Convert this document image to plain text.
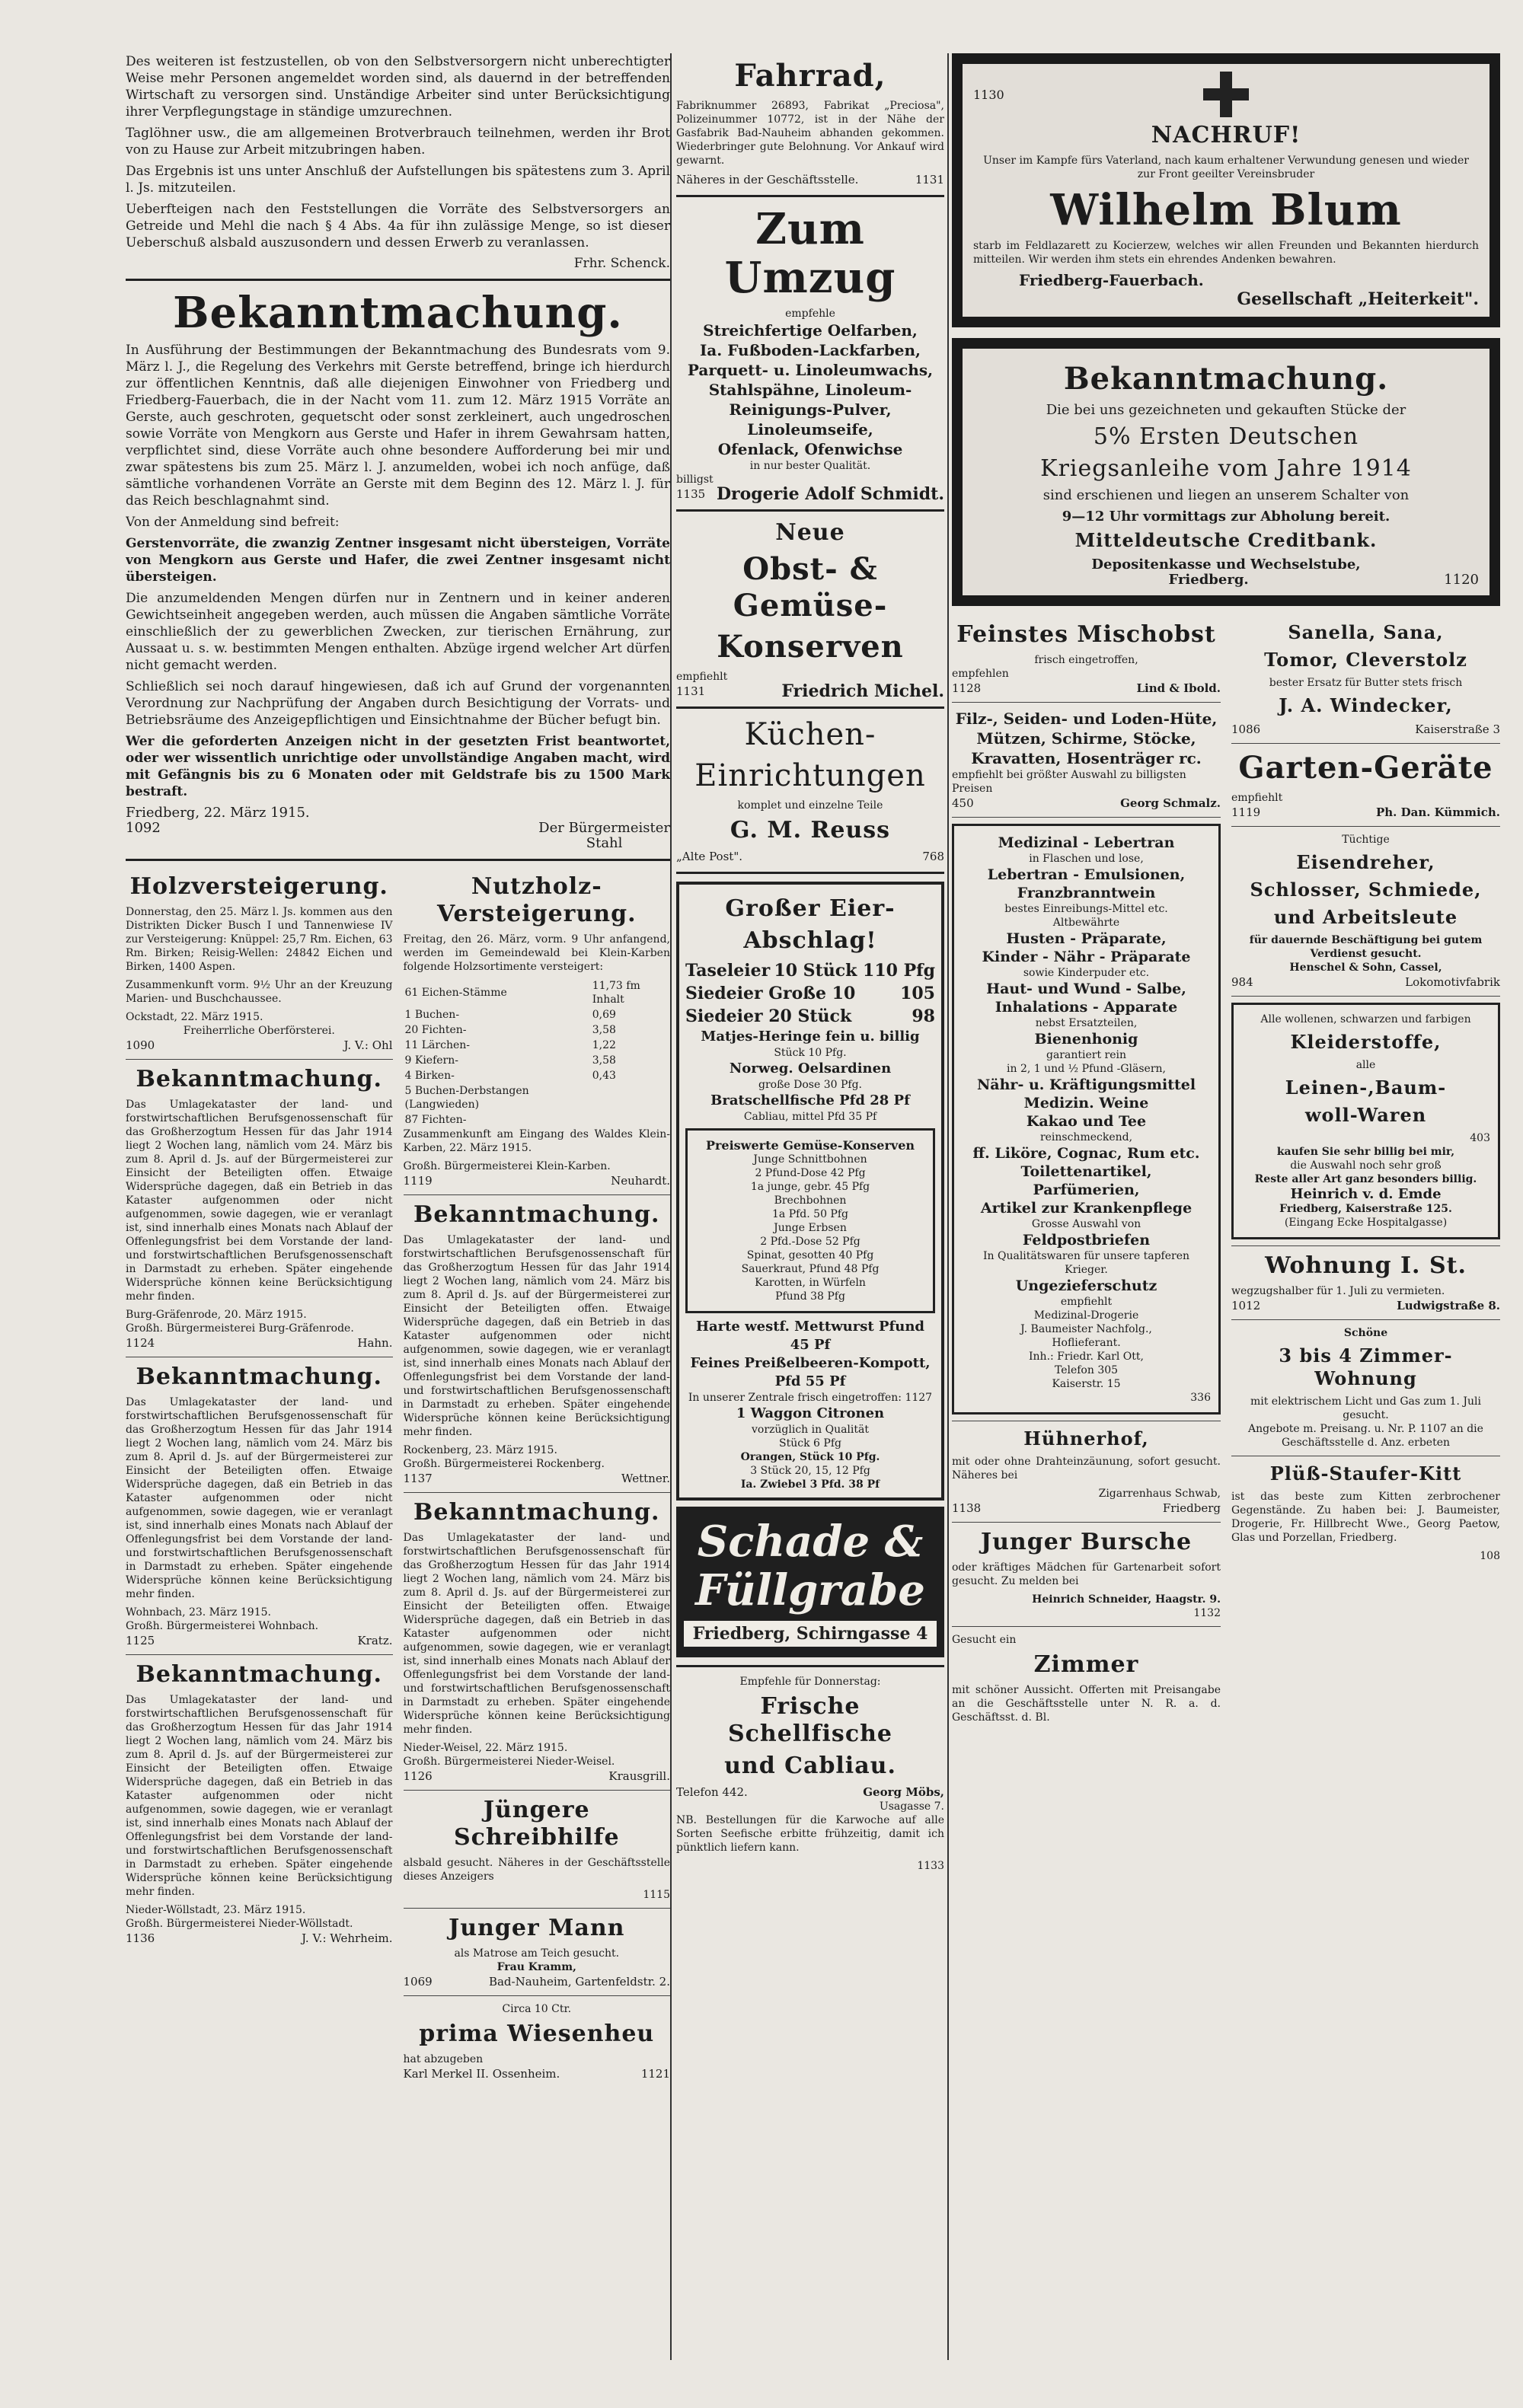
Des weiteren ist festzustellen, ob von den Selbstversorgern nicht unberechtigter Weise mehr Personen angemeldet worden sind, als dauernd in der betreffenden Wirtschaft zu versorgen sind. Unständige Arbeiter sind unter Berücksichtigung ihrer Verpflegungstage in ständige umzurechnen.

Taglöhner usw., die am allgemeinen Brotverbrauch teilnehmen, werden ihr Brot von zu Hause zur Arbeit mitzubringen haben.

Das Ergebnis ist uns unter Anschluß der Aufstellungen bis spätestens zum 3. April l. Js. mitzuteilen.

Ueberfteigen nach den Feststellungen die Vorräte des Selbstversorgers an Getreide und Mehl die nach § 4 Abs. 4a für ihn zulässige Menge, so ist dieser Ueberschuß alsbald auszusondern und dessen Erwerb zu veranlassen.

Frhr. Schenck.
Bekanntmachung.

In Ausführung der Bestimmungen der Bekanntmachung des Bundesrats vom 9. März l. J., die Regelung des Verkehrs mit Gerste betreffend, bringe ich hierdurch zur öffentlichen Kenntnis, daß alle diejenigen Einwohner von Friedberg und Friedberg-Fauerbach, die in der Nacht vom 11. zum 12. März 1915 Vorräte an Gerste, auch geschroten, gequetscht oder sonst zerkleinert, auch ungedroschen sowie Vorräte von Mengkorn aus Gerste und Hafer in ihrem Gewahrsam hatten, verpflichtet sind, diese Vorräte auch ohne besondere Aufforderung bei mir und zwar spätestens bis zum 25. März l. J. anzumelden, wobei ich noch anfüge, daß sämtliche vorhandenen Vorräte an Gerste mit dem Beginn des 12. März l. J. für das Reich beschlagnahmt sind.

Von der Anmeldung sind befreit:

Gerstenvorräte, die zwanzig Zentner insgesamt nicht übersteigen, Vorräte von Mengkorn aus Gerste und Hafer, die zwei Zentner insgesamt nicht übersteigen.

Die anzumeldenden Mengen dürfen nur in Zentnern und in keiner anderen Gewichtseinheit angegeben werden, auch müssen die Angaben sämtliche Vorräte einschließlich der zu gewerblichen Zwecken, zur tierischen Ernährung, zur Aussaat u. s. w. bestimmten Mengen enthalten. Abzüge irgend welcher Art dürfen nicht gemacht werden.

Schließlich sei noch darauf hingewiesen, daß ich auf Grund der vorgenannten Verordnung zur Nachprüfung der Angaben durch Besichtigung der Vorrats- und Betriebsräume des Anzeigepflichtigen und Einsichtnahme der Bücher befugt bin.

Wer die geforderten Anzeigen nicht in der gesetzten Frist beantwortet, oder wer wissentlich unrichtige oder unvollständige Angaben macht, wird mit Gefängnis bis zu 6 Monaten oder mit Geldstrafe bis zu 1500 Mark bestraft.

Friedberg, 22. März 1915.
1092	Der Bürgermeister
Stahl
Holzversteigerung.

Donnerstag, den 25. März l. Js. kommen aus den Distrikten Dicker Busch I und Tannenwiese IV zur Versteigerung: Knüppel: 25,7 Rm. Eichen, 63 Rm. Birken; Reisig-Wellen: 24842 Eichen und Birken, 1400 Aspen.

Zusammenkunft vorm. 9½ Uhr an der Kreuzung Marien- und Buschchaussee.

Ockstadt, 22. März 1915.
Freiherrliche Oberförsterei.
1090	J. V.: Ohl
Bekanntmachung.

Das Umlagekataster der land- und forstwirtschaftlichen Berufsgenossenschaft für das Großherzogtum Hessen für das Jahr 1914 liegt 2 Wochen lang, nämlich vom 24. März bis zum 8. April d. Js. auf der Bürgermeisterei zur Einsicht der Beteiligten offen. Etwaige Widersprüche dagegen, daß ein Betrieb in das Kataster aufgenommen oder nicht aufgenommen, sowie dagegen, wie er veranlagt ist, sind innerhalb eines Monats nach Ablauf der Offenlegungsfrist bei dem Vorstande der land- und forstwirtschaftlichen Berufsgenossenschaft in Darmstadt zu erheben. Später eingehende Widersprüche können keine Berücksichtigung mehr finden.

Burg-Gräfenrode, 20. März 1915.
Großh. Bürgermeisterei Burg-Gräfenrode.
1124	Hahn.
Bekanntmachung.

Das Umlagekataster der land- und forstwirtschaftlichen Berufsgenossenschaft für das Großherzogtum Hessen für das Jahr 1914 liegt 2 Wochen lang, nämlich vom 24. März bis zum 8. April d. Js. auf der Bürgermeisterei zur Einsicht der Beteiligten offen. Etwaige Widersprüche dagegen, daß ein Betrieb in das Kataster aufgenommen oder nicht aufgenommen, sowie dagegen, wie er veranlagt ist, sind innerhalb eines Monats nach Ablauf der Offenlegungsfrist bei dem Vorstande der land- und forstwirtschaftlichen Berufsgenossenschaft in Darmstadt zu erheben. Später eingehende Widersprüche können keine Berücksichtigung mehr finden.

Wohnbach, 23. März 1915.
Großh. Bürgermeisterei Wohnbach.
1125	Kratz.
Bekanntmachung.

Das Umlagekataster der land- und forstwirtschaftlichen Berufsgenossenschaft für das Großherzogtum Hessen für das Jahr 1914 liegt 2 Wochen lang, nämlich vom 24. März bis zum 8. April d. Js. auf der Bürgermeisterei zur Einsicht der Beteiligten offen. Etwaige Widersprüche dagegen, daß ein Betrieb in das Kataster aufgenommen oder nicht aufgenommen, sowie dagegen, wie er veranlagt ist, sind innerhalb eines Monats nach Ablauf der Offenlegungsfrist bei dem Vorstande der land- und forstwirtschaftlichen Berufsgenossenschaft in Darmstadt zu erheben. Später eingehende Widersprüche können keine Berücksichtigung mehr finden.

Nieder-Wöllstadt, 23. März 1915.
Großh. Bürgermeisterei Nieder-Wöllstadt.
1136	J. V.: Wehrheim.
Nutzholz-Versteigerung.

Freitag, den 26. März, vorm. 9 Uhr anfangend, werden im Gemeindewald bei Klein-Karben folgende Holzsortimente versteigert:

61 Eichen-Stämme	11,73 fm Inhalt
1 Buchen-	0,69
20 Fichten-	3,58
11 Lärchen-	1,22
9 Kiefern-	3,58
4 Birken-	0,43
5 Buchen-Derbstangen (Langwieden)	
87 Fichten-	

Zusammenkunft am Eingang des Waldes Klein-Karben, 22. März 1915.

Großh. Bürgermeisterei Klein-Karben.
1119	Neuhardt.
Bekanntmachung.

Das Umlagekataster der land- und forstwirtschaftlichen Berufsgenossenschaft für das Großherzogtum Hessen für das Jahr 1914 liegt 2 Wochen lang, nämlich vom 24. März bis zum 8. April d. Js. auf der Bürgermeisterei zur Einsicht der Beteiligten offen. Etwaige Widersprüche dagegen, daß ein Betrieb in das Kataster aufgenommen oder nicht aufgenommen, sowie dagegen, wie er veranlagt ist, sind innerhalb eines Monats nach Ablauf der Offenlegungsfrist bei dem Vorstande der land- und forstwirtschaftlichen Berufsgenossenschaft in Darmstadt zu erheben. Später eingehende Widersprüche können keine Berücksichtigung mehr finden.

Rockenberg, 23. März 1915.
Großh. Bürgermeisterei Rockenberg.
1137	Wettner.
Bekanntmachung.

Das Umlagekataster der land- und forstwirtschaftlichen Berufsgenossenschaft für das Großherzogtum Hessen für das Jahr 1914 liegt 2 Wochen lang, nämlich vom 24. März bis zum 8. April d. Js. auf der Bürgermeisterei zur Einsicht der Beteiligten offen. Etwaige Widersprüche dagegen, daß ein Betrieb in das Kataster aufgenommen oder nicht aufgenommen, sowie dagegen, wie er veranlagt ist, sind innerhalb eines Monats nach Ablauf der Offenlegungsfrist bei dem Vorstande der land- und forstwirtschaftlichen Berufsgenossenschaft in Darmstadt zu erheben. Später eingehende Widersprüche können keine Berücksichtigung mehr finden.

Nieder-Weisel, 22. März 1915.
Großh. Bürgermeisterei Nieder-Weisel.
1126	Krausgrill.
Jüngere Schreibhilfe

alsbald gesucht. Näheres in der Geschäftsstelle dieses Anzeigers

1115
Junger Mann
als Matrose am Teich gesucht.
Frau Kramm,
1069	Bad-Nauheim, Gartenfeldstr. 2.
Circa 10 Ctr.
prima Wiesenheu
hat abzugeben
Karl Merkel II. Ossenheim.	1121
Fahrrad,

Fabriknummer 26893, Fabrikat „Preciosa", Polizeinummer 10772, ist in der Nähe der Gasfabrik Bad-Nauheim abhanden gekommen. Wiederbringer gute Belohnung. Vor Ankauf wird gewarnt.

Näheres in der Geschäftsstelle.	1131
Zum Umzug
empfehle

Streichfertige Oelfarben,

Ia. Fußboden-Lackfarben,

Parquett- u. Linoleumwachs,

Stahlspähne, Linoleum-

Reinigungs-Pulver,

Linoleumseife,

Ofenlack, Ofenwichse

in nur bester Qualität.
billigst
1135 Drogerie Adolf Schmidt.
Neue
Obst- & Gemüse-
Konserven
empfiehlt
1131	Friedrich Michel.
Küchen-
Einrichtungen
komplet und einzelne Teile
G. M. Reuss
„Alte Post".	768
Großer Eier-
Abschlag!
Taseleier 10 Stück 110 Pfg
Siedeier Große 10	105
Siedeier 20 Stück	98
Matjes-Heringe fein u. billig
Stück 10 Pfg.
Norweg. Oelsardinen
große Dose 30 Pfg.
Bratschellfische Pfd 28 Pf
Cabliau, mittel Pfd 35 Pf
Preiswerte Gemüse-Konserven

Junge Schnittbohnen

2 Pfund-Dose 42 Pfg

1a junge, gebr. 45 Pfg

Brechbohnen

1a Pfd. 50 Pfg

Junge Erbsen

2 Pfd.-Dose 52 Pfg

Spinat, gesotten 40 Pfg

Sauerkraut, Pfund 48 Pfg

Karotten, in Würfeln

Pfund 38 Pfg

Harte westf. Mettwurst Pfund 45 Pf
Feines Preißelbeeren-Kompott, Pfd 55 Pf
In unserer Zentrale frisch eingetroffen: 1127
1 Waggon Citronen
vorzüglich in Qualität
Stück 6 Pfg
Orangen, Stück 10 Pfg.
3 Stück 20, 15, 12 Pfg
Ia. Zwiebel 3 Pfd. 38 Pf
Schade &
Füllgrabe
Friedberg, Schirngasse 4
Empfehle für Donnerstag:
Frische Schellfische
und Cabliau.
Telefon 442.	Georg Möbs,
Usagasse 7.

NB. Bestellungen für die Karwoche auf alle Sorten Seefische erbitte frühzeitig, damit ich pünktlich liefern kann.

1133
1130
NACHRUF!

Unser im Kampfe fürs Vaterland, nach kaum erhaltener Verwundung genesen und wieder zur Front geeilter Vereinsbruder

Wilhelm Blum

starb im Feldlazarett zu Kocierzew, welches wir allen Freunden und Bekannten hierdurch mitteilen. Wir werden ihm stets ein ehrendes Andenken bewahren.

Friedberg-Fauerbach.
Gesellschaft „Heiterkeit".
Bekanntmachung.

Die bei uns gezeichneten und gekauften Stücke der

5% Ersten Deutschen
Kriegsanleihe vom Jahre 1914

sind erschienen und liegen an unserem Schalter von

9—12 Uhr vormittags zur Abholung bereit.
Mitteldeutsche Creditbank.
Depositenkasse und Wechselstube,
Friedberg.	1120
Feinstes Mischobst
frisch eingetroffen,
empfehlen
1128	Lind & Ibold.

Filz-, Seiden- und Loden-Hüte,

Mützen, Schirme, Stöcke,

Kravatten, Hosenträger rc.

empfiehlt bei größter Auswahl zu billigsten Preisen
450	Georg Schmalz.

Medizinal - Lebertran

in Flaschen und lose,

Lebertran - Emulsionen,

Franzbranntwein

bestes Einreibungs-Mittel etc.

Altbewährte

Husten - Präparate,

Kinder - Nähr - Präparate

sowie Kinderpuder etc.

Haut- und Wund - Salbe,

Inhalations - Apparate

nebst Ersatzteilen,

Bienenhonig

garantiert rein

in 2, 1 und ½ Pfund -Gläsern,

Nähr- u. Kräftigungsmittel

Medizin. Weine

Kakao und Tee

reinschmeckend,

ff. Liköre, Cognac, Rum etc.

Toilettenartikel,

Parfümerien,

Artikel zur Krankenpflege

Grosse Auswahl von

Feldpostbriefen

In Qualitätswaren für unsere tapferen Krieger.

Ungezieferschutz

empfiehlt

Medizinal-Drogerie

J. Baumeister Nachfolg.,

Hoflieferant.

Inh.: Friedr. Karl Ott,

Telefon 305

Kaiserstr. 15

336
Hühnerhof,

mit oder ohne Drahteinzäunung, sofort gesucht. Näheres bei

Zigarrenhaus Schwab,
1138	Friedberg
Junger Bursche

oder kräftiges Mädchen für Gartenarbeit sofort gesucht. Zu melden bei

Heinrich Schneider, Haagstr. 9.
1132
Gesucht ein
Zimmer

mit schöner Aussicht. Offerten mit Preisangabe an die Geschäftsstelle unter N. R. a. d. Geschäftsst. d. Bl.

Sanella, Sana,
Tomor, Cleverstolz
bester Ersatz für Butter stets frisch
J. A. Windecker,
1086	Kaiserstraße 3
Garten-Geräte
empfiehlt
1119	Ph. Dan. Kümmich.
Tüchtige
Eisendreher,
Schlosser, Schmiede,
und Arbeitsleute
für dauernde Beschäftigung bei gutem Verdienst gesucht.
Henschel & Sohn, Cassel,
984	Lokomotivfabrik
Alle wollenen, schwarzen und farbigen
Kleiderstoffe,
alle
Leinen-,Baum-
woll-Waren
403
kaufen Sie sehr billig bei mir,
die Auswahl noch sehr groß
Reste aller Art ganz besonders billig.
Heinrich v. d. Emde
Friedberg, Kaiserstraße 125.
(Eingang Ecke Hospitalgasse)
Wohnung I. St.
wegzugshalber für 1. Juli zu vermieten.
1012	Ludwigstraße 8.
Schöne
3 bis 4 Zimmer-Wohnung
mit elektrischem Licht und Gas zum 1. Juli gesucht.
Angebote m. Preisang. u. Nr. P. 1107 an die Geschäftsstelle d. Anz. erbeten
Plüß-Staufer-Kitt

ist das beste zum Kitten zerbrochener Gegenstände. Zu haben bei: J. Baumeister, Drogerie, Fr. Hillbrecht Wwe., Georg Paetow, Glas und Porzellan, Friedberg.

108
